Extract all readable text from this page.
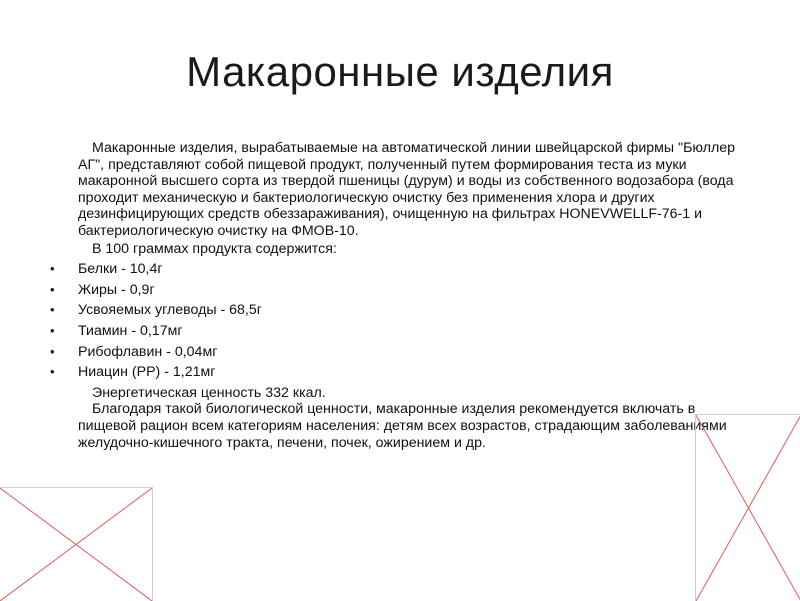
Макаронные изделия

Макаронные изделия, вырабатываемые на автоматической линии швейцарской фирмы "Бюллер АГ", представляют собой пищевой продукт, полученный путем формирования теста из муки макаронной высшего сорта из твердой пшеницы (дурум) и воды из собственного водозабора (вода проходит механическую и бактериологическую очистку без применения хлора и других дезинфицирующих средств обеззараживания), очищенную на фильтрах HONEVWELLF-76-1 и бактериологическую очистку на ФМОВ-10.

В 100 граммах продукта содержится:

• Белки - 10,4г
• Жиры - 0,9г
• Усвояемых углеводы - 68,5г
• Тиамин - 0,17мг
• Рибофлавин - 0,04мг
• Ниацин (PP) - 1,21мг

Энергетическая ценность 332 ккал.

Благодаря такой биологической ценности, макаронные изделия рекомендуется включать в пищевой рацион всем категориям населения: детям всех возрастов, страдающим заболеваниями желудочно-кишечного тракта, печени, почек, ожирением и др.
